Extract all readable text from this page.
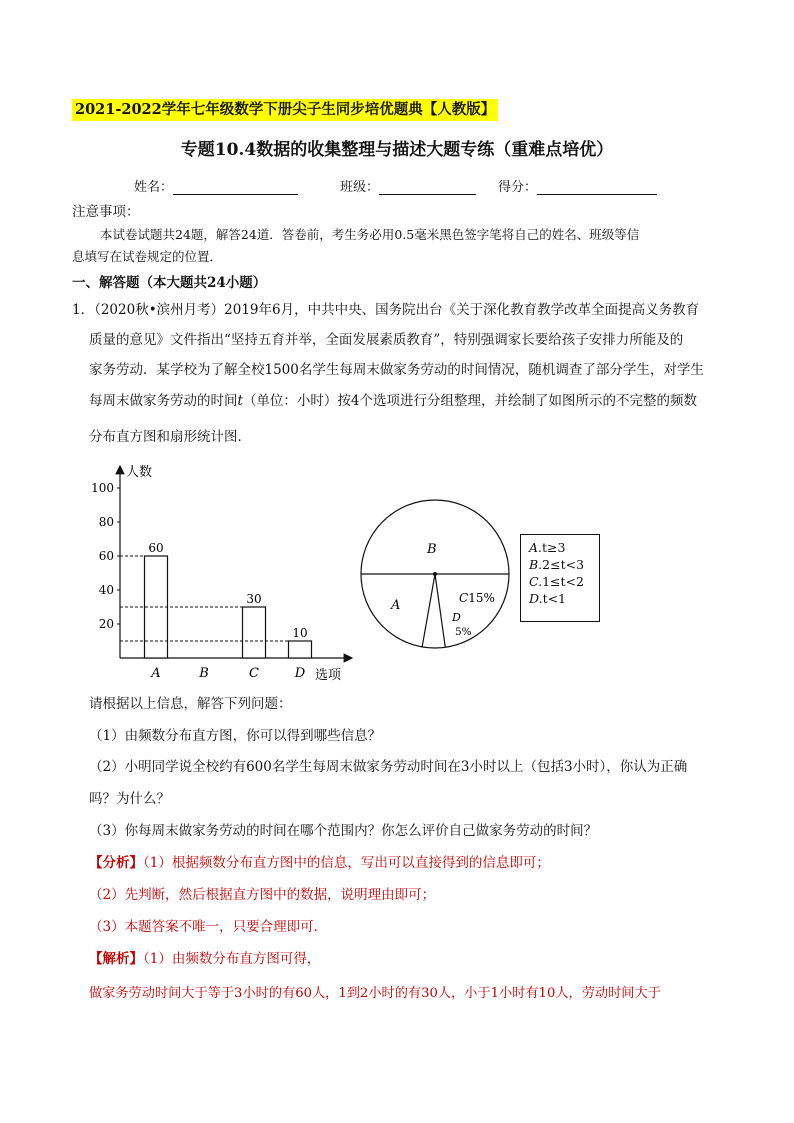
2021-2022学年七年级数学下册尖子生同步培优题典【人教版】
专题10.4数据的收集整理与描述大题专练（重难点培优）
姓名：	班级：	得分：
注意事项：
本试卷试题共24题，解答24道．答卷前，考生务必用0.5毫米黑色签字笔将自己的姓名、班级等信
息填写在试卷规定的位置．
一、解答题（本大题共24小题）
1．（2020秋•滨州月考）2019年6月，中共中央、国务院出台《关于深化教育教学改革全面提高义务教育
质量的意见》文件指出“坚持五育并举，全面发展素质教育”，特别强调家长要给孩子安排力所能及的
家务劳动．某学校为了解全校1500名学生每周末做家务劳动的时间情况，随机调查了部分学生，对学生
每周末做家务劳动的时间t（单位：小时）按4个选项进行分组整理，并绘制了如图所示的不完整的频数
分布直方图和扇形统计图．
人数
选项
20
40
60
80
100
60
30
10
A	B	C	D
B
A	C15%
D
5%
A.t≥3
B.2≤t<3
C.1≤t<2
D.t<1
请根据以上信息，解答下列问题：
（1）由频数分布直方图，你可以得到哪些信息？
（2）小明同学说全校约有600名学生每周末做家务劳动时间在3小时以上（包括3小时），你认为正确
吗？为什么？
（3）你每周末做家务劳动的时间在哪个范围内？你怎么评价自己做家务劳动的时间？
【分析】（1）根据频数分布直方图中的信息，写出可以直接得到的信息即可；
（2）先判断，然后根据直方图中的数据，说明理由即可；
（3）本题答案不唯一，只要合理即可．
【解析】（1）由频数分布直方图可得，
做家务劳动时间大于等于3小时的有60人，1到2小时的有30人，小于1小时有10人，劳动时间大于
